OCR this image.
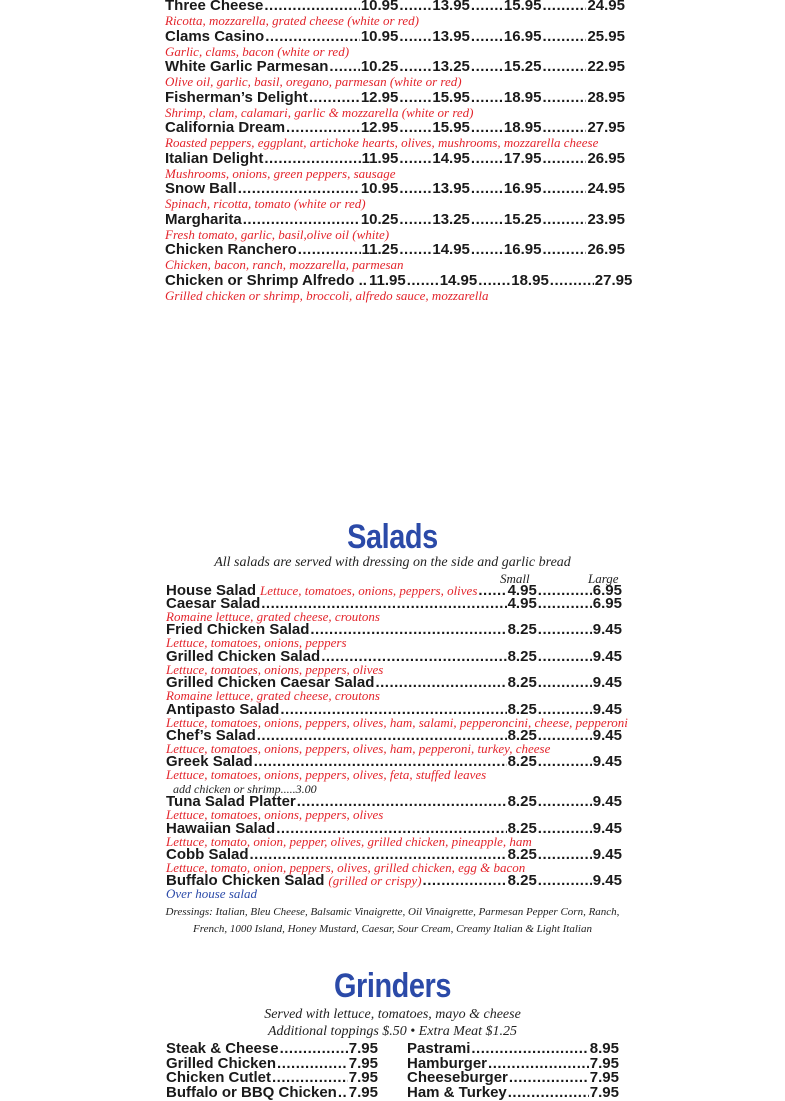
Three Cheese .....	10.95 ..... 13.95 ..... 15.95 .....	24.95
Ricotta, mozzarella, grated cheese (white or red)
Clams Casino .....	10.95 ..... 13.95 ..... 16.95 .....	25.95
Garlic, clams, bacon (white or red)
White Garlic Parmesan ..... 10.25 ..... 13.25 ..... 15.25 .....	22.95
Olive oil, garlic, basil, oregano, parmesan (white or red)
Fisherman’s Delight .....	12.95 ..... 15.95 ..... 18.95 .....	28.95
Shrimp, clam, calamari, garlic & mozzarella (white or red)
California Dream .....	12.95 ..... 15.95 ..... 18.95 .....	27.95
Roasted peppers, eggplant, artichoke hearts, olives, mushrooms, mozzarella cheese
Italian Delight .....	11.95 ..... 14.95 ..... 17.95 .....	26.95
Mushrooms, onions, green peppers, sausage
Snow Ball .....	10.95 ..... 13.95 ..... 16.95 .....	24.95
Spinach, ricotta, tomato (white or red)
Margharita .....	10.25 ..... 13.25 ..... 15.25 .....	23.95
Fresh tomato, garlic, basil,olive oil (white)
Chicken Ranchero .....	11.25 ..... 14.95 ..... 16.95 .....	26.95
Chicken, bacon, ranch, mozzarella, parmesan
Chicken or Shrimp Alfredo .. 11.95 ..... 14.95 ..... 18.95 .....	27.95
Grilled chicken or shrimp, broccoli, alfredo sauce, mozzarella
Salads
All salads are served with dressing on the side and garlic bread
Small	Large
House Salad Lettuce, tomatoes, onions, peppers, olives ..... 4.95 .....	6.95
Caesar Salad .....	4.95 .....	6.95
Romaine lettuce, grated cheese, croutons
Fried Chicken Salad .....	8.25 .....	9.45
Lettuce, tomatoes, onions, peppers
Grilled Chicken Salad .....	8.25 .....	9.45
Lettuce, tomatoes, onions, peppers, olives
Grilled Chicken Caesar Salad .....	8.25 .....	9.45
Romaine lettuce, grated cheese, croutons
Antipasto Salad .....	8.25 .....	9.45
Lettuce, tomatoes, onions, peppers, olives, ham, salami, pepperoncini, cheese, pepperoni
Chef’s Salad .....	8.25 .....	9.45
Lettuce, tomatoes, onions, peppers, olives, ham, pepperoni, turkey, cheese
Greek Salad .....	8.25 .....	9.45
Lettuce, tomatoes, onions, peppers, olives, feta, stuffed leaves
add chicken or shrimp.....3.00
Tuna Salad Platter .....	8.25 .....	9.45
Lettuce, tomatoes, onions, peppers, olives
Hawaiian Salad .....	8.25 .....	9.45
Lettuce, tomato, onion, pepper, olives, grilled chicken, pineapple, ham
Cobb Salad .....	8.25 .....	9.45
Lettuce, tomato, onion, peppers, olives, grilled chicken, egg & bacon
Buffalo Chicken Salad (grilled or crispy) .....	8.25 .....	9.45
Over house salad
Dressings: Italian, Bleu Cheese, Balsamic Vinaigrette, Oil Vinaigrette, Parmesan Pepper Corn, Ranch,
French, 1000 Island, Honey Mustard, Caesar, Sour Cream, Creamy Italian & Light Italian
Grinders
Served with lettuce, tomatoes, mayo & cheese
Additional toppings $.50 • Extra Meat $1.25
Steak & Cheese .....	7.95
Grilled Chicken .....	7.95
Chicken Cutlet .....	7.95
Buffalo or BBQ Chicken ..... 7.95
Pastrami .....	8.95
Hamburger .....	7.95
Cheeseburger .....	7.95
Ham & Turkey .....	7.95
